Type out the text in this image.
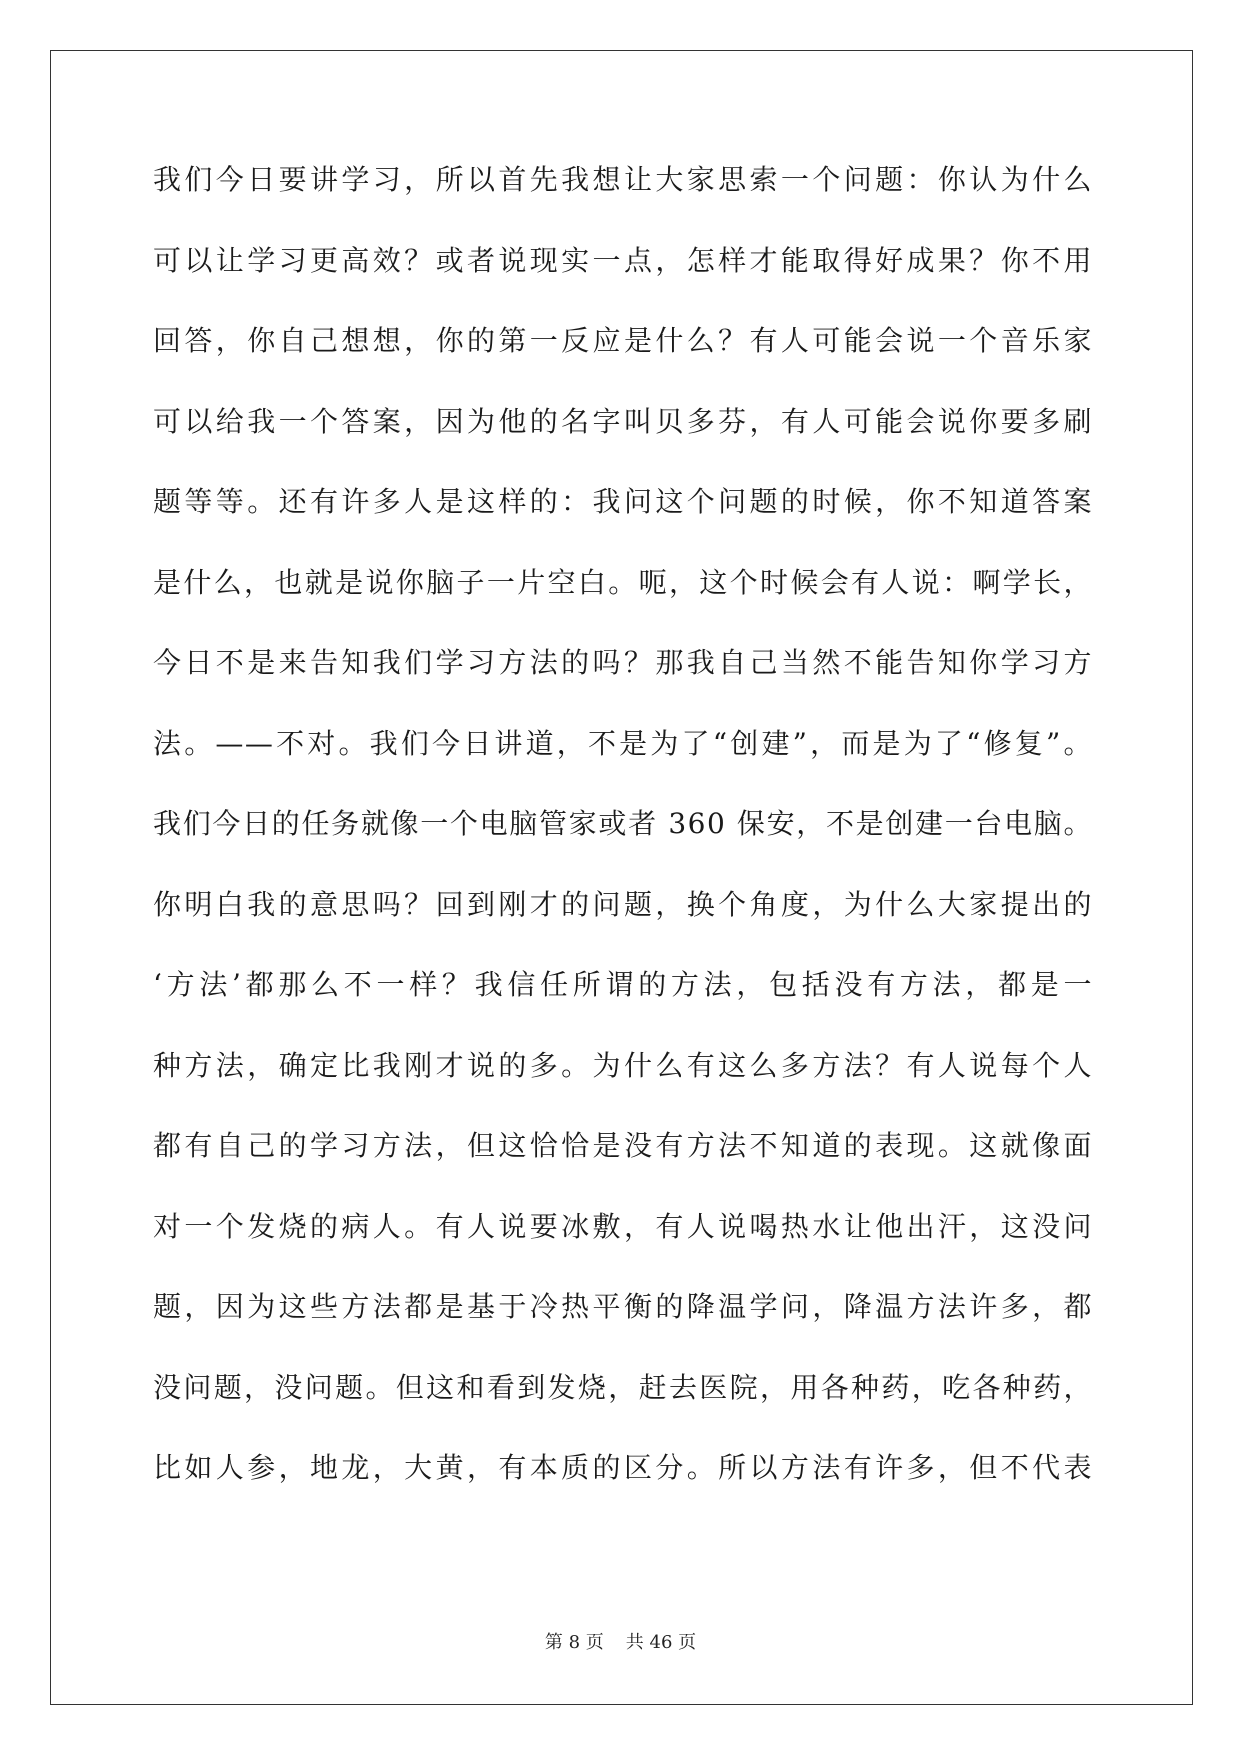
我们今日要讲学习，所以首先我想让大家思索一个问题：你认为什么
可以让学习更高效？或者说现实一点，怎样才能取得好成果？你不用
回答，你自己想想，你的第一反应是什么？有人可能会说一个音乐家
可以给我一个答案，因为他的名字叫贝多芬，有人可能会说你要多刷
题等等。还有许多人是这样的：我问这个问题的时候，你不知道答案
是什么，也就是说你脑子一片空白。呃，这个时候会有人说：啊学长，
今日不是来告知我们学习方法的吗？那我自己当然不能告知你学习方
法。——不对。我们今日讲道，不是为了“创建”，而是为了“修复”。
我们今日的任务就像一个电脑管家或者 360 保安，不是创建一台电脑。
你明白我的意思吗？回到刚才的问题，换个角度，为什么大家提出的
‘方法’都那么不一样？我信任所谓的方法，包括没有方法，都是一
种方法，确定比我刚才说的多。为什么有这么多方法？有人说每个人
都有自己的学习方法，但这恰恰是没有方法不知道的表现。这就像面
对一个发烧的病人。有人说要冰敷，有人说喝热水让他出汗，这没问
题，因为这些方法都是基于冷热平衡的降温学问，降温方法许多，都
没问题，没问题。但这和看到发烧，赶去医院，用各种药，吃各种药，
比如人参，地龙，大黄，有本质的区分。所以方法有许多，但不代表
第 8 页 共 46 页
